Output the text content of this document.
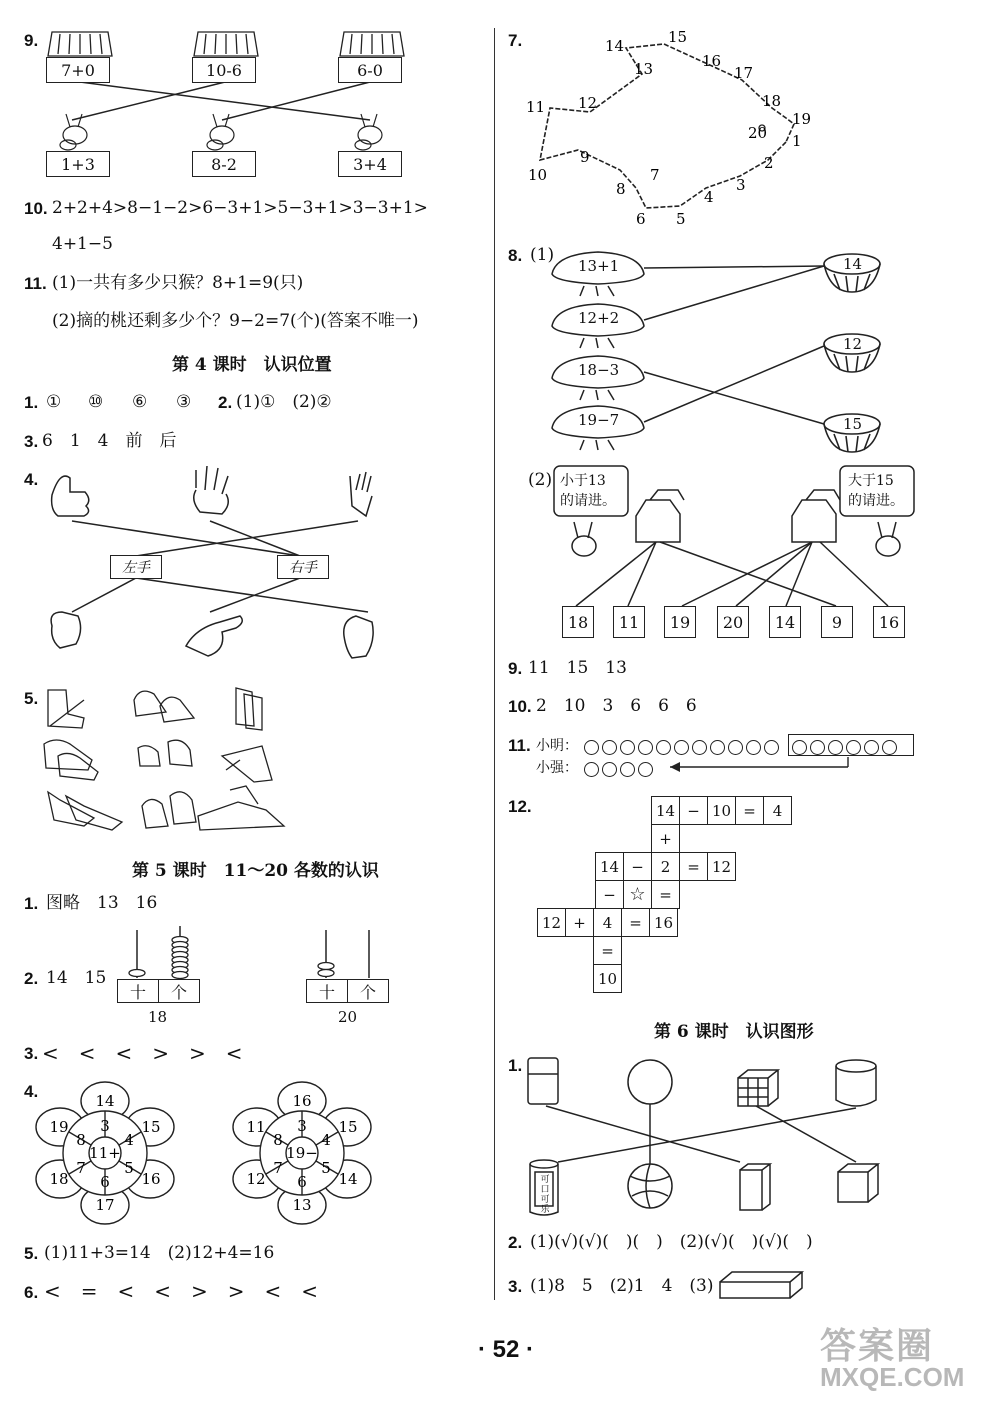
9.
7+0	10-6	6-0
1+3	8-2	3+4
10. 2+2+4>8−1−2>6−3+1>5−3+1>3−3+1>
4+1−5
11. (1)一共有多少只猴？8+1=9(只)
(2)摘的桃还剩多少个？9−2=7(个)(答案不唯一)
第 4 课时　认识位置
1. ① ⑩ ⑥ ③ 2. (1)①　(2)②
3. 6　1　4　前　后
4.
左手	右手
5.
第 5 课时　11～20 各数的认识
1. 图略　13　16
2. 14　15
十	个
18
十	个
20
3. <　<　<　>　>　<
4.	14
15
16
17
18
19 3
4
5
6
7
8
11+
16
15
14
13
12
11 3
4
5
6
7
8
19−
5. (1)11+3=14　(2)12+4=16
6. <　=　<　<　>　>　<　<
7.
1
2
3
4
5
6
7
8
9
10
11 12
13
14	15
16
17
18
19
20
8. (1)
13+1
12+2
18−3
19−7
14
12
15
(2) 小于13
的请进。
大于15
的请进。
18	11	19	20	14	9	16
9. 11　15　13
10. 2　10　3　6　6　6
11. 小明：
小强：
12.	14 − 10 =	4
+
14 −	2	= 12
− ☆ =
12 +	4	= 16
=
10
第 6 课时　认识图形
1.
可口可乐
2. (1)(√)(√)(　)(　)　(2)(√)(　)(√)(　)
3. (1)8　5　(2)1　4　(3)
· 52 ·	答案圈
MXQE.COM
